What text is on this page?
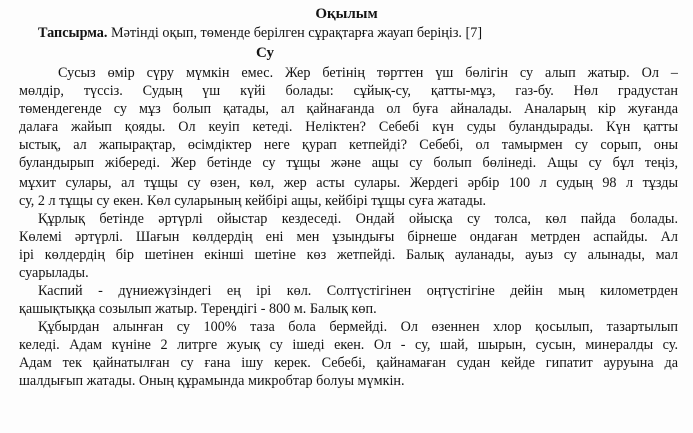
Оқылым
Тапсырма. Мәтінді оқып, төменде берілген сұрақтарға жауап беріңіз. [7]
Су
Сусыз өмір сүру мүмкін емес. Жер бетінің төрттен үш бөлігін су алып жатыр. Ол –
мөлдір, түссіз. Судың үш күйі болады: сұйық-су, қатты-мұз, газ-бу. Нөл градустан
төмендегенде су мұз болып қатады, ал қайнағанда ол буға айналады. Аналарың кір жуғанда
далаға жайып қояды. Ол кеуіп кетеді. Неліктен? Себебі күн суды буландырады. Күн қатты
ыстық, ал жапырақтар, өсімдіктер неге қурап кетпейді? Себебі, ол тамырмен су сорып, оны
буландырып жібереді. Жер бетінде су тұщы және ащы су болып бөлінеді. Ащы су бұл теңіз,
мұхит сулары, ал тұщы су өзен, көл, жер асты сулары. Жердегі әрбір 100 л судың 98 л тұзды
су, 2 л тұщы су екен. Көл суларының кейбірі ащы, кейбірі тұщы суға жатады.
Құрлық бетінде әртүрлі ойыстар кездеседі. Ондай ойысқа су толса, көл пайда болады.
Көлемі әртүрлі. Шағын көлдердің ені мен ұзындығы бірнеше ондаған метрден аспайды. Ал
ірі көлдердің бір шетінен екінші шетіне көз жетпейді. Балық ауланады, ауыз су алынады, мал
суарылады.
Каспий - дүниежүзіндегі ең ірі көл. Солтүстігінен оңтүстігіне дейін мың километрден
қашықтыққа созылып жатыр. Тереңдігі - 800 м. Балық көп.
Құбырдан алынған су 100% таза бола бермейді. Ол өзеннен хлор қосылып, тазартылып
келеді. Адам күніне 2 литрге жуық су ішеді екен. Ол - су, шай, шырын, сусын, минералды су.
Адам тек қайнатылған су ғана ішу керек. Себебі, қайнамаған судан кейде гипатит ауруына да
шалдығып жатады. Оның құрамында микробтар болуы мүмкін.
